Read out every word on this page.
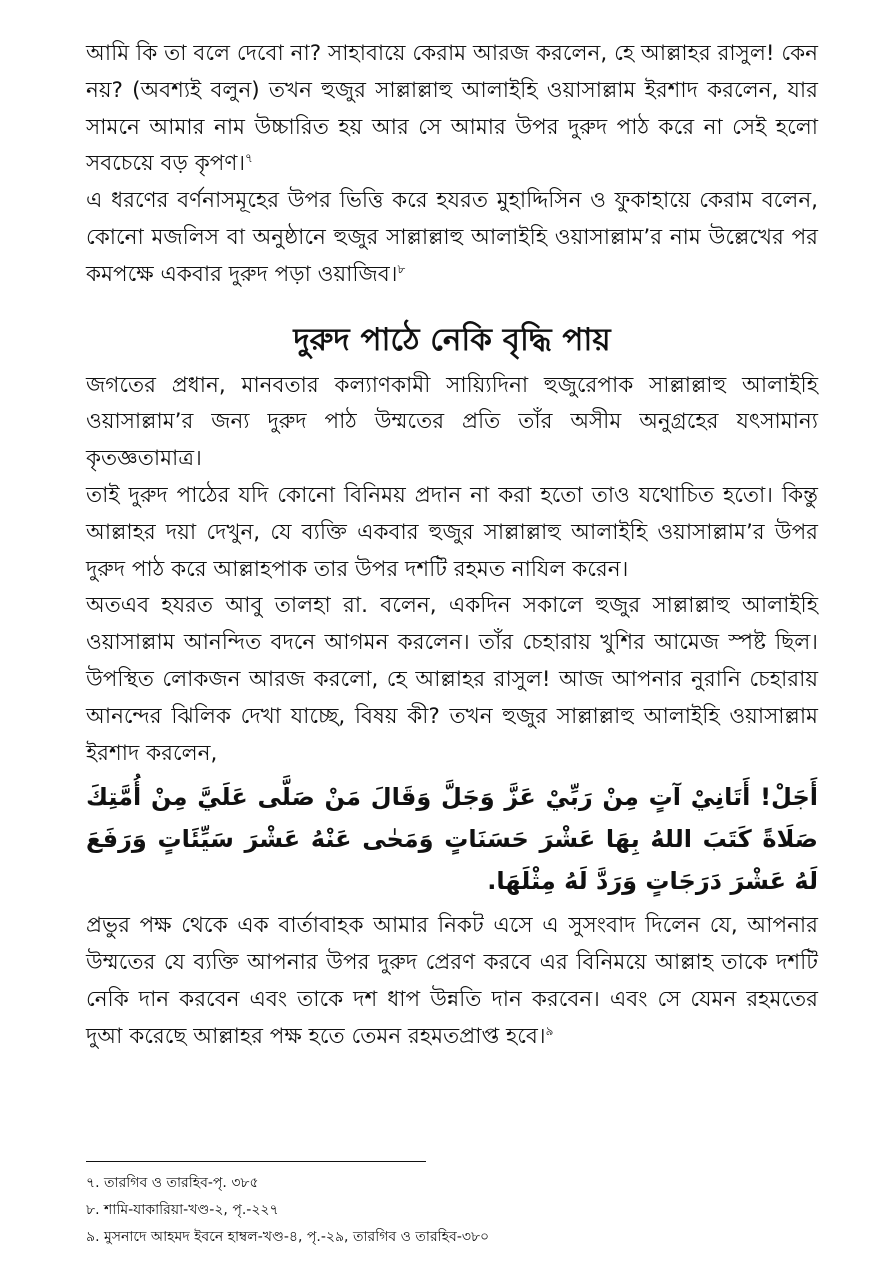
আমি কি তা বলে দেবো না? সাহাবায়ে কেরাম আরজ করলেন, হে আল্লাহর রাসুল! কেন নয়? (অবশ্যই বলুন) তখন হুজুর সাল্লাল্লাহু আলাইহি ওয়াসাল্লাম ইরশাদ করলেন, যার সামনে আমার নাম উচ্চারিত হয় আর সে আমার উপর দুরুদ পাঠ করে না সেই হলো সবচেয়ে বড় কৃপণ।$^৭$

এ ধরণের বর্ণনাসমূহের উপর ভিত্তি করে হযরত মুহাদ্দিসিন ও ফুকাহায়ে কেরাম বলেন, কোনো মজলিস বা অনুষ্ঠানে হুজুর সাল্লাল্লাহু আলাইহি ওয়াসাল্লাম’র নাম উল্লেখের পর কমপক্ষে একবার দুরুদ পড়া ওয়াজিব।$^৮$

দুরুদ পাঠে নেকি বৃদ্ধি পায়

জগতের প্রধান, মানবতার কল্যাণকামী সায়্যিদিনা হুজুরেপাক সাল্লাল্লাহু আলাইহি ওয়াসাল্লাম’র জন্য দুরুদ পাঠ উম্মতের প্রতি তাঁর অসীম অনুগ্রহের যৎসামান্য কৃতজ্ঞতামাত্র।

তাই দুরুদ পাঠের যদি কোনো বিনিময় প্রদান না করা হতো তাও যথোচিত হতো। কিন্তু আল্লাহর দয়া দেখুন, যে ব্যক্তি একবার হুজুর সাল্লাল্লাহু আলাইহি ওয়াসাল্লাম’র উপর দুরুদ পাঠ করে আল্লাহপাক তার উপর দশটি রহমত নাযিল করেন।

অতএব হযরত আবু তালহা রা. বলেন, একদিন সকালে হুজুর সাল্লাল্লাহু আলাইহি ওয়াসাল্লাম আনন্দিত বদনে আগমন করলেন। তাঁর চেহারায় খুশির আমেজ স্পষ্ট ছিল। উপস্থিত লোকজন আরজ করলো, হে আল্লাহর রাসুল! আজ আপনার নুরানি চেহারায় আনন্দের ঝিলিক দেখা যাচ্ছে, বিষয় কী? তখন হুজুর সাল্লাল্লাহু আলাইহি ওয়াসাল্লাম ইরশাদ করলেন,

أَجَلْ! أَتَانِيْ آتٍ مِنْ رَبِّيْ عَزَّ وَجَلَّ وَقَالَ مَنْ صَلَّى عَلَيَّ مِنْ أُمَّتِكَ صَلَاةً كَتَبَ اللهُ بِهَا عَشْرَ حَسَنَاتٍ وَمَحٰى عَنْهُ عَشْرَ سَيِّئَاتٍ وَرَفَعَ لَهُ عَشْرَ دَرَجَاتٍ وَرَدَّ لَهُ مِثْلَهَا.

প্রভুর পক্ষ থেকে এক বার্তাবাহক আমার নিকট এসে এ সুসংবাদ দিলেন যে, আপনার উম্মতের যে ব্যক্তি আপনার উপর দুরুদ প্রেরণ করবে এর বিনিময়ে আল্লাহ তাকে দশটি নেকি দান করবেন এবং তাকে দশ ধাপ উন্নতি দান করবেন। এবং সে যেমন রহমতের দুআ করেছে আল্লাহর পক্ষ হতে তেমন রহমতপ্রাপ্ত হবে।$^৯$

৭. তারগিব ও তারহিব-পৃ. ৩৮৫

৮. শামি-যাকারিয়া-খণ্ড-২, পৃ.-২২৭

৯. মুসনাদে আহমদ ইবনে হাম্বল-খণ্ড-৪, পৃ.-২৯, তারগিব ও তারহিব-৩৮০
